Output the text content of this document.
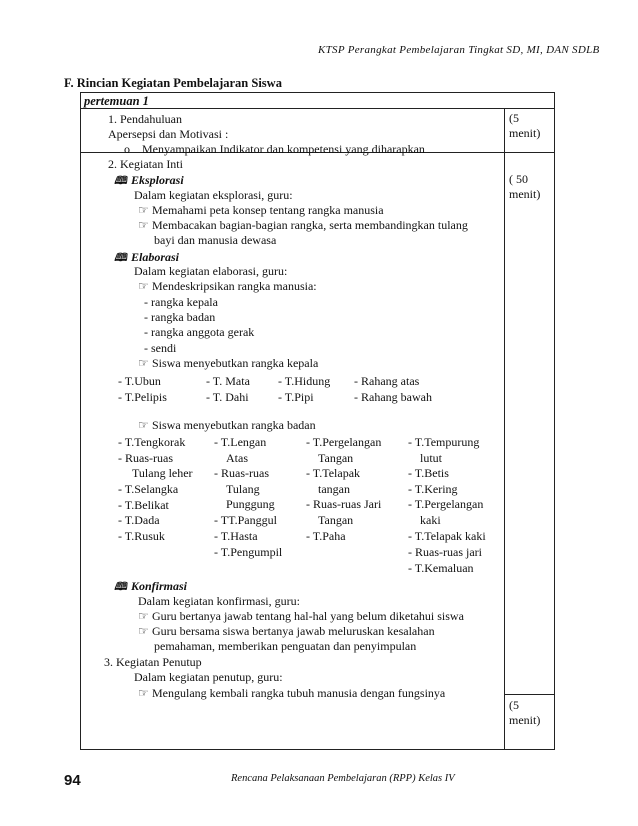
KTSP Perangkat Pembelajaran Tingkat SD, MI, DAN SDLB
F. Rincian Kegiatan Pembelajaran Siswa
pertemuan 1
1. Pendahuluan
Apersepsi dan Motivasi :
o Menyampaikan Indikator dan kompetensi yang diharapkan
(5
menit)
2. Kegiatan Inti
( 50
menit)
🕮 Eksplorasi
Dalam kegiatan eksplorasi, guru:
☞ Memahami peta konsep tentang rangka manusia
☞ Membacakan bagian-bagian rangka, serta membandingkan tulang
bayi dan manusia dewasa
🕮 Elaborasi
Dalam kegiatan elaborasi, guru:
☞ Mendeskripsikan rangka manusia:
- rangka kepala
- rangka badan
- rangka anggota gerak
- sendi
☞ Siswa menyebutkan rangka kepala
- T.Ubun
- T.Pelipis
- T. Mata
- T. Dahi
- T.Hidung
- T.Pipi
- Rahang atas
- Rahang bawah
☞ Siswa menyebutkan rangka badan
- T.Tengkorak
- Ruas-ruas
Tulang leher
- T.Selangka
- T.Belikat
- T.Dada
- T.Rusuk
- T.Lengan
Atas
- Ruas-ruas
Tulang
Punggung
- TT.Panggul
- T.Hasta
- T.Pengumpil
- T.Pergelangan
Tangan
- T.Telapak
tangan
- Ruas-ruas Jari
Tangan
- T.Paha
- T.Tempurung
lutut
- T.Betis
- T.Kering
- T.Pergelangan
kaki
- T.Telapak kaki
- Ruas-ruas jari
- T.Kemaluan
🕮 Konfirmasi
Dalam kegiatan konfirmasi, guru:
☞ Guru bertanya jawab tentang hal-hal yang belum diketahui siswa
☞ Guru bersama siswa bertanya jawab meluruskan kesalahan
pemahaman, memberikan penguatan dan penyimpulan
3. Kegiatan Penutup
Dalam kegiatan penutup, guru:
☞ Mengulang kembali rangka tubuh manusia dengan fungsinya
(5
menit)
94	Rencana Pelaksanaan Pembelajaran (RPP) Kelas IV
